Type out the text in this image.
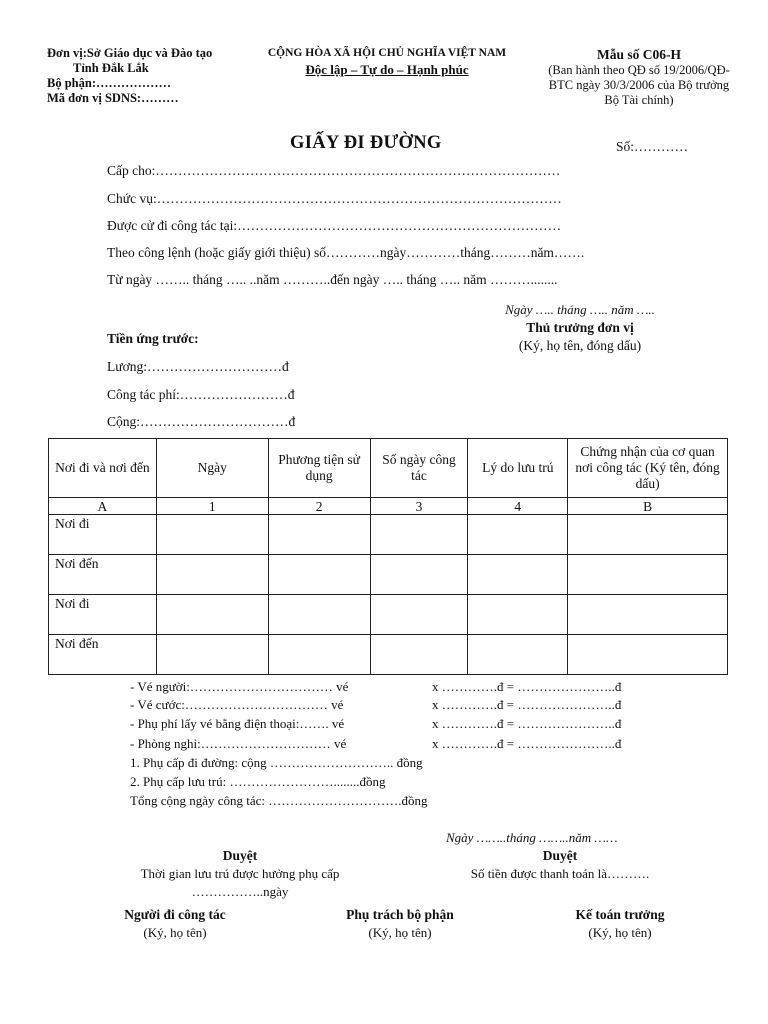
Đơn vị:Sở Giáo dục và Đào tạo
Tỉnh Đắk Lắk
Bộ phận:………………
Mã đơn vị SDNS:………
CỘNG HÒA XÃ HỘI CHỦ NGHĨA VIỆT NAM
Độc lập – Tự do – Hạnh phúc
Mẫu số C06-H
(Ban hành theo QĐ số 19/2006/QĐ-
BTC ngày 30/3/2006 của Bộ trưởng
Bộ Tài chính)
GIẤY ĐI ĐƯỜNG	Số:…………
Cấp cho:………………………………………………………………………………
Chức vụ:………………………………………………………………………………
Được cử đi công tác tại:………………………………………………………………
Theo công lệnh (hoặc giấy giới thiệu) số…………ngày…………tháng………năm…….
Từ ngày …….. tháng ….. ..năm ………..đến ngày ….. tháng ….. năm ………........
Ngày ….. tháng ….. năm …..
Thủ trưởng đơn vị
(Ký, họ tên, đóng dấu)
Tiền ứng trước:
Lương:…………………………đ
Công tác phí:……………………đ
Cộng:……………………………đ
Nơi đi và nơi đến	Ngày	Phương tiện sử dụng	Số ngày công tác	Lý do lưu trú	Chứng nhận của cơ quan nơi công tác (Ký tên, đóng dấu)
A	1	2	3	4	B
Nơi đi					
Nơi đến					
Nơi đi					
Nơi đến					
- Vé người:…………………………… vé	x ………….đ = …………………..đ
- Vé cước:…………………………… vé	x ………….đ = …………………..đ
- Phụ phí lấy vé bằng điện thoại:……. vé	x ………….đ = …………………..đ
- Phòng nghỉ:………………………… vé	x ………….đ = …………………..đ
1. Phụ cấp đi đường: cộng ……………………….. đồng
2. Phụ cấp lưu trú: ……………………........đồng
Tổng cộng ngày công tác: ………………………….đồng
Ngày ……..tháng ……..năm ……
Duyệt
Thời gian lưu trú được hưởng phụ cấp
……………..ngày
Duyệt
Số tiền được thanh toán là……….
Người đi công tác
(Ký, họ tên)
Phụ trách bộ phận
(Ký, họ tên)
Kế toán trưởng
(Ký, họ tên)
